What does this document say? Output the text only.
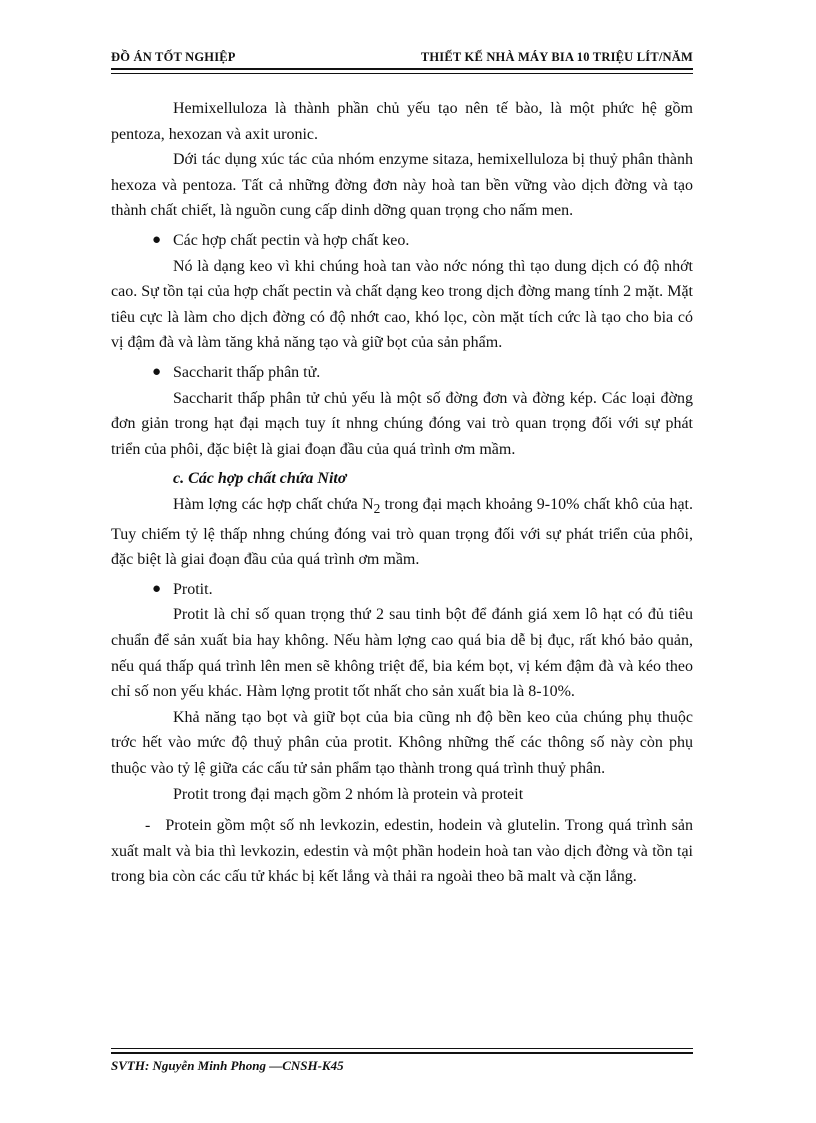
ĐỒ ÁN TỐT NGHIỆP	THIẾT KẾ NHÀ MÁY BIA 10 TRIỆU LÍT/NĂM

Hemixelluloza là thành phần chủ yếu tạo nên tế bào, là một phức hệ gồm pentoza, hexozan và axit uronic.

Dới tác dụng xúc tác của nhóm enzyme sitaza, hemixelluloza bị thuỷ phân thành hexoza và pentoza. Tất cả những đờng đơn này hoà tan bền vững vào dịch đờng và tạo thành chất chiết, là nguồn cung cấp dinh dỡng quan trọng cho nấm men.

● Các hợp chất pectin và hợp chất keo.

Nó là dạng keo vì khi chúng hoà tan vào nớc nóng thì tạo dung dịch có độ nhớt cao. Sự tồn tại của hợp chất pectin và chất dạng keo trong dịch đờng mang tính 2 mặt. Mặt tiêu cực là làm cho dịch đờng có độ nhớt cao, khó lọc, còn mặt tích cức là tạo cho bia có vị đậm đà và làm tăng khả năng tạo và giữ bọt của sản phẩm.

● Saccharit thấp phân tử.

Saccharit thấp phân tử chủ yếu là một số đờng đơn và đờng kép. Các loại đờng đơn giản trong hạt đại mạch tuy ít nhng chúng đóng vai trò quan trọng đối với sự phát triển của phôi, đặc biệt là giai đoạn đầu của quá trình ơm mầm.

c. Các hợp chất chứa Nitơ

Hàm lợng các hợp chất chứa $N_2$ trong đại mạch khoảng 9-10% chất khô của hạt. Tuy chiếm tỷ lệ thấp nhng chúng đóng vai trò quan trọng đối với sự phát triển của phôi, đặc biệt là giai đoạn đầu của quá trình ơm mầm.

● Protit.

Protit là chỉ số quan trọng thứ 2 sau tinh bột để đánh giá xem lô hạt có đủ tiêu chuẩn để sản xuất bia hay không. Nếu hàm lợng cao quá bia dễ bị đục, rất khó bảo quản, nếu quá thấp quá trình lên men sẽ không triệt để, bia kém bọt, vị kém đậm đà và kéo theo chỉ số non yếu khác. Hàm lợng protit tốt nhất cho sản xuất bia là 8-10%.

Khả năng tạo bọt và giữ bọt của bia cũng nh độ bền keo của chúng phụ thuộc trớc hết vào mức độ thuỷ phân của protit. Không những thế các thông số này còn phụ thuộc vào tỷ lệ giữa các cấu tử sản phẩm tạo thành trong quá trình thuỷ phân.

Protit trong đại mạch gồm 2 nhóm là protein và proteit

- Protein gồm một số nh levkozin, edestin, hodein và glutelin. Trong quá trình sản xuất malt và bia thì levkozin, edestin và một phần hodein hoà tan vào dịch đờng và tồn tại trong bia còn các cấu tử khác bị kết lắng và thải ra ngoài theo bã malt và cặn lắng.

SVTH: Nguyễn Minh Phong —CNSH-K45
